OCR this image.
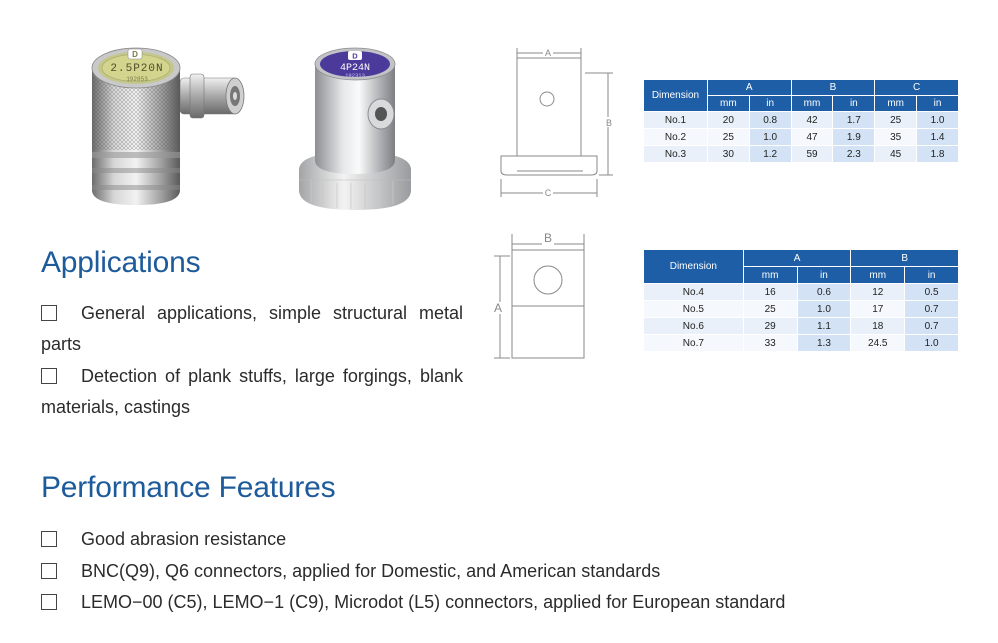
D
2.5P20N
192853
D
4P24N
192313
A
B
C
B
A
Dimension	A		B		C	
	mm	in	mm	in	mm	in
No.1	20	0.8	42	1.7	25	1.0
No.2	25	1.0	47	1.9	35	1.4
No.3	30	1.2	59	2.3	45	1.8
Dimension	A		B	
	mm	in	mm	in
No.4	16	0.6	12	0.5
No.5	25	1.0	17	0.7
No.6	29	1.1	18	0.7
No.7	33	1.3	24.5	1.0
Applications

General applications, simple structural metal parts

Detection of plank stuffs, large forgings, blank materials, castings

Performance Features

Good abrasion resistance

BNC(Q9), Q6 connectors, applied for Domestic, and American standards

LEMO−00 (C5), LEMO−1 (C9), Microdot (L5) connectors, applied for European standard
